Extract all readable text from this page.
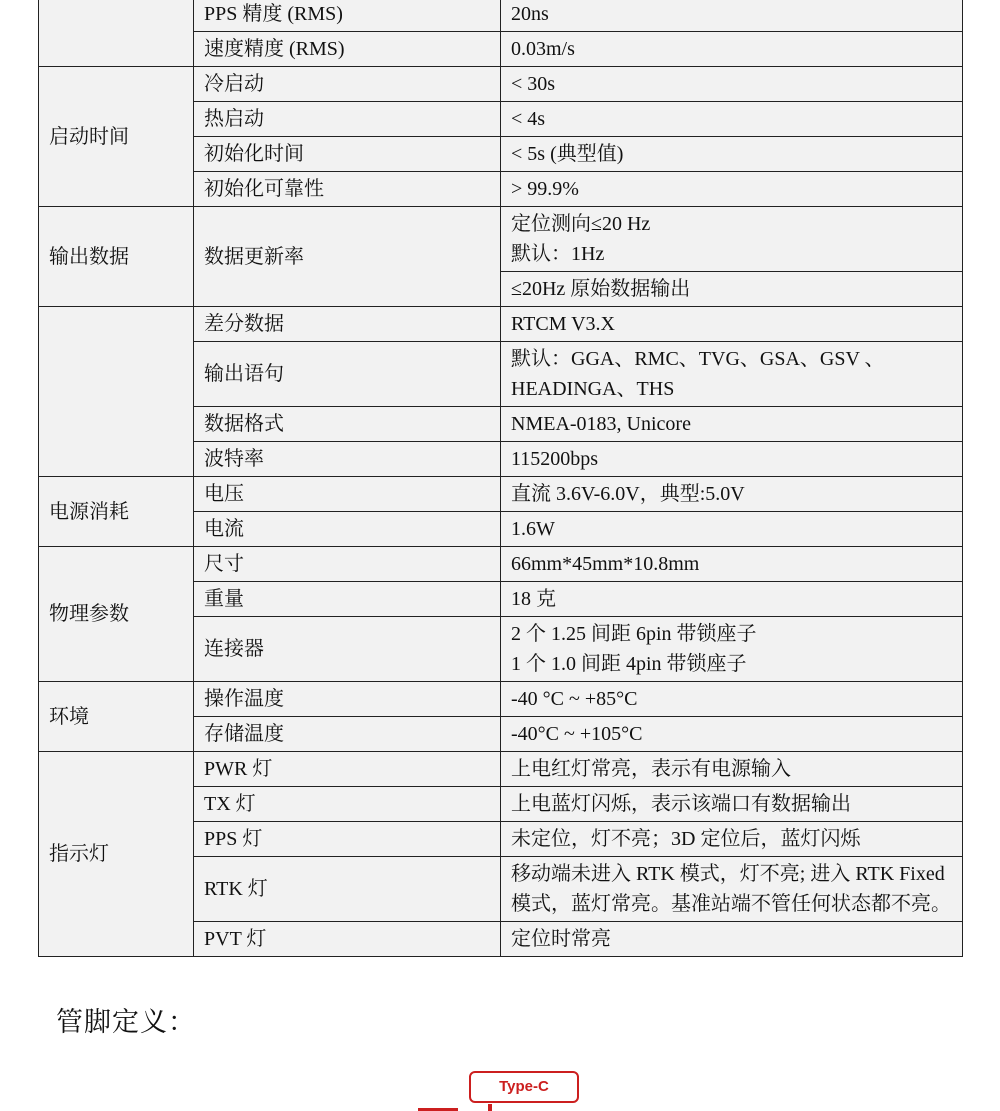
	PPS 精度 (RMS)	20ns
	速度精度 (RMS)	0.03m/s
启动时间	冷启动	< 30s
	热启动	< 4s
	初始化时间	< 5s (典型值)
	初始化可靠性	> 99.9%
输出数据	数据更新率	定位测向≤20 Hz
默认：1Hz
		≤20Hz 原始数据输出
	差分数据	RTCM V3.X
	输出语句	默认：GGA、RMC、TVG、GSA、GSV 、
HEADINGA、THS
	数据格式	NMEA-0183, Unicore
	波特率	115200bps
电源消耗	电压	直流 3.6V-6.0V，典型:5.0V
	电流	1.6W
物理参数	尺寸	66mm*45mm*10.8mm
	重量	18 克
	连接器	2 个 1.25 间距 6pin 带锁座子
1 个 1.0 间距 4pin 带锁座子
环境	操作温度	-40 °C ~ +85°C
	存储温度	-40°C ~ +105°C
指示灯	PWR 灯	上电红灯常亮，表示有电源输入
	TX 灯	上电蓝灯闪烁，表示该端口有数据输出
	PPS 灯	未定位，灯不亮；3D 定位后，蓝灯闪烁
	RTK 灯	移动端未进入 RTK 模式，灯不亮; 进入 RTK Fixed
模式，蓝灯常亮。基准站端不管任何状态都不亮。
	PVT 灯	定位时常亮
管脚定义：
Type-C
